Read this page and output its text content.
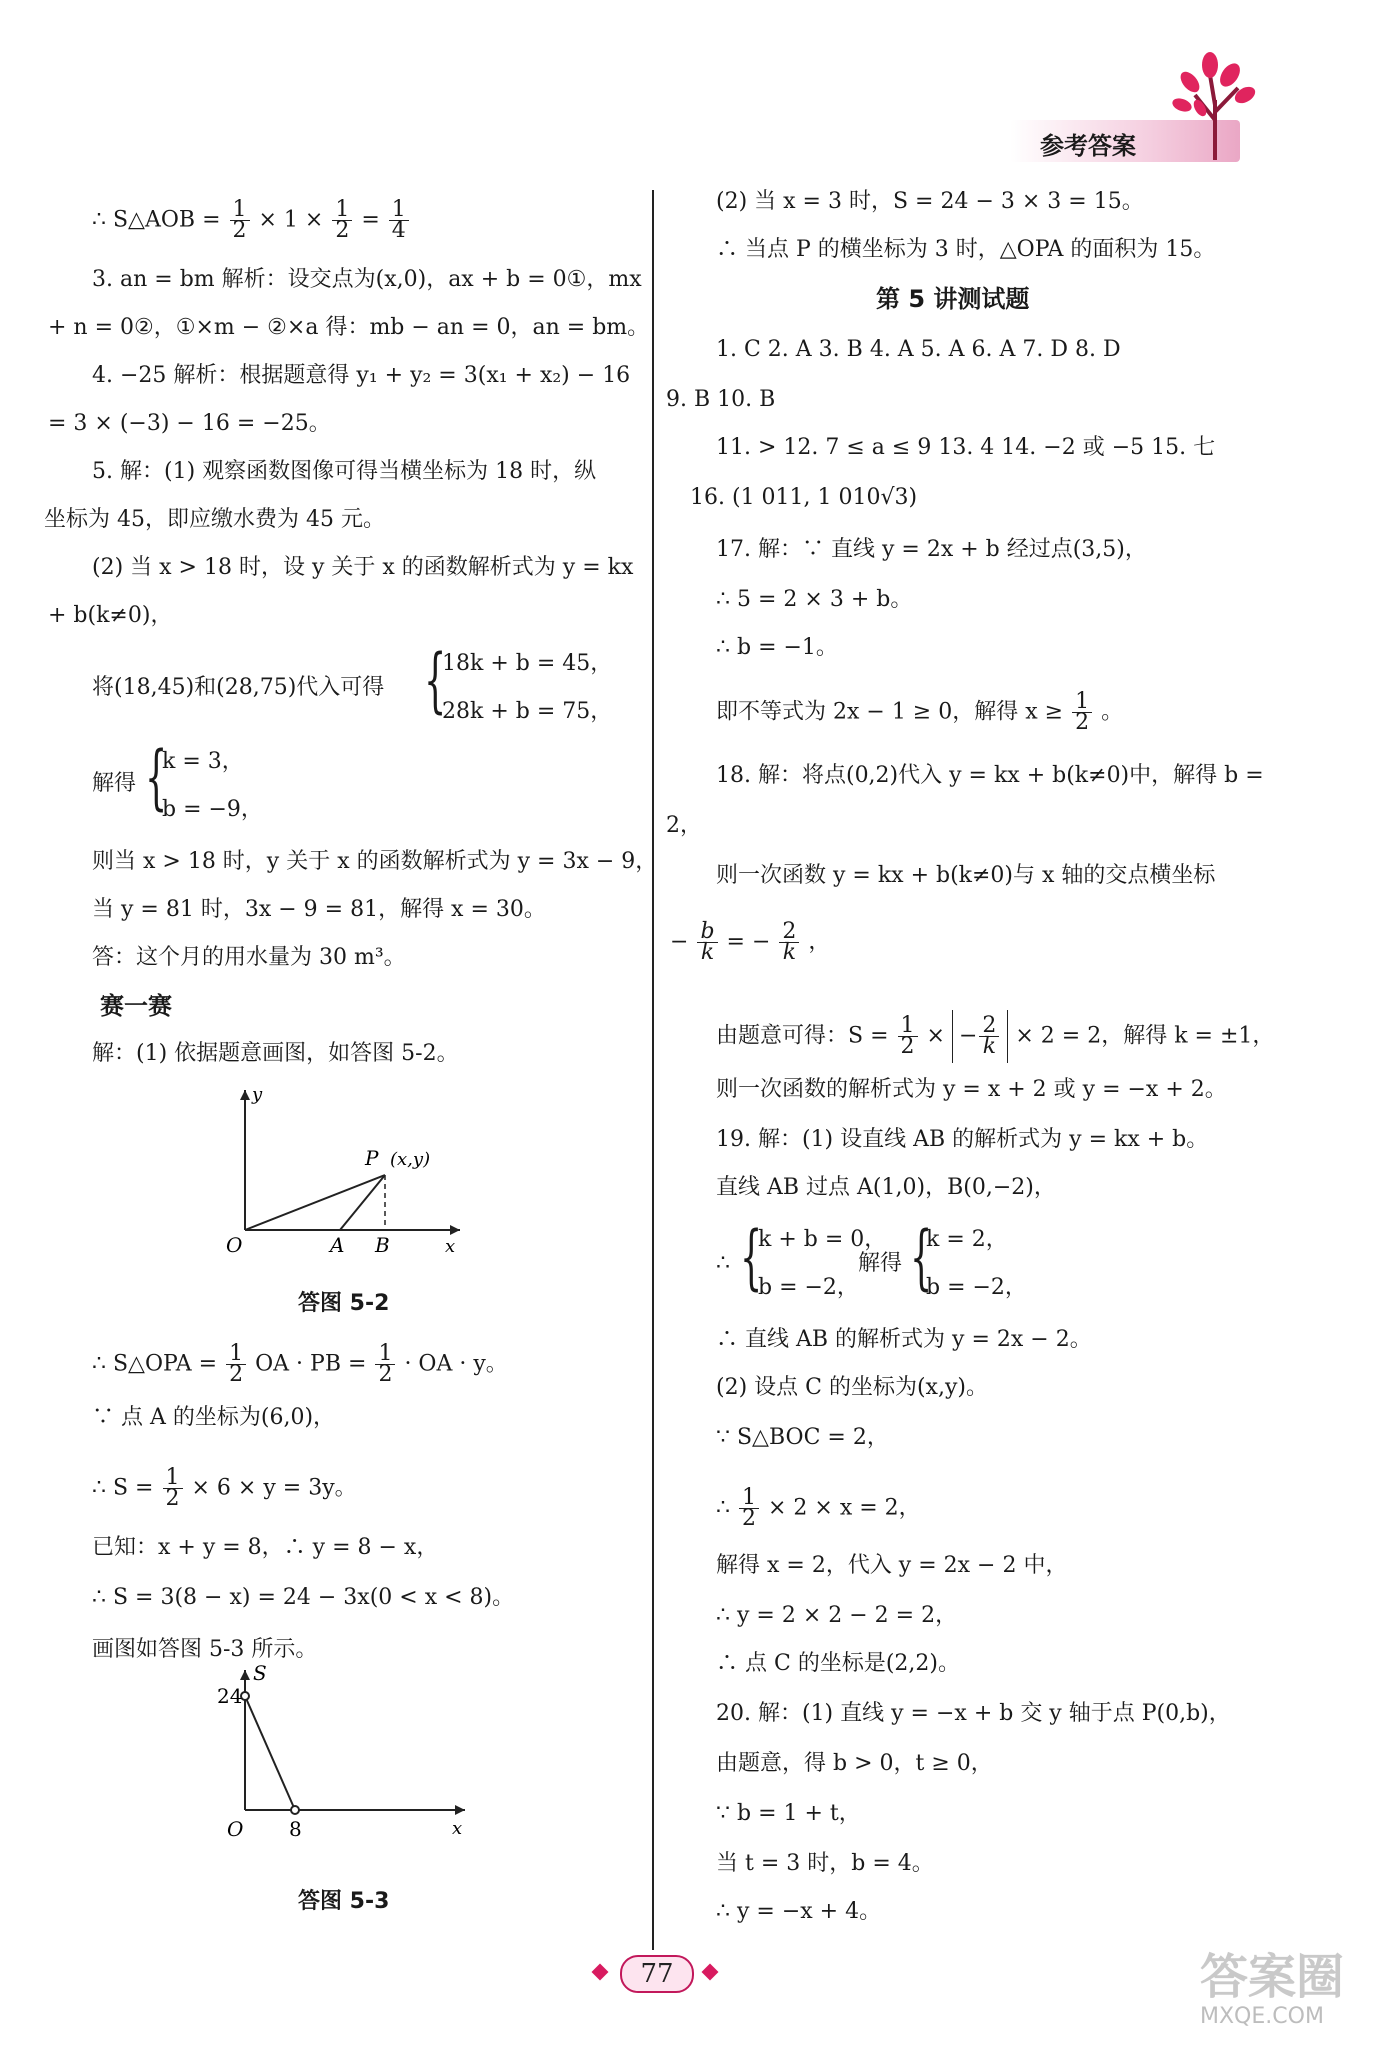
参考答案
∴ S△AOB = $\frac{1}{2} \times 1 \times \frac{1}{2} = \frac{1}{4}$
3. an = bm 解析：设交点为(x,0)，ax + b = 0①，mx
+ n = 0②，①×m − ②×a 得：mb − an = 0，an = bm。
4. −25 解析：根据题意得 y₁ + y₂ = 3(x₁ + x₂) − 16
= 3 × (−3) − 16 = −25。
5. 解：(1) 观察函数图像可得当横坐标为 18 时，纵
坐标为 45，即应缴水费为 45 元。
(2) 当 x > 18 时，设 y 关于 x 的函数解析式为 y = kx
+ b(k≠0)，
将(18,45)和(28,75)代入可得 {
18k + b = 45，
28k + b = 75，
解得 {
k = 3，
b = −9，
则当 x > 18 时，y 关于 x 的函数解析式为 y = 3x − 9，
当 y = 81 时，3x − 9 = 81，解得 x = 30。
答：这个月的用水量为 30 m³。
赛一赛
解：(1) 依据题意画图，如答图 5-2。
y
P (x,y)
O	A B	x
答图 5-2
∴ S△OPA = $\frac{1}{2}$ OA · PB = $\frac{1}{2}$ · OA · y。
∵ 点 A 的坐标为(6,0)，
∴ $S = \frac{1}{2} \times 6 \times y = 3y$。
已知：x + y = 8，∴ y = 8 − x，
∴ S = 3(8 − x) = 24 − 3x(0 < x < 8)。
画图如答图 5-3 所示。
S
24
O 8	x
答图 5-3
(2) 当 x = 3 时，S = 24 − 3 × 3 = 15。
∴ 当点 P 的横坐标为 3 时，△OPA 的面积为 15。
第 5 讲测试题
1. C 2. A 3. B 4. A 5. A 6. A 7. D 8. D
9. B 10. B
11. > 12. 7 ≤ a ≤ 9 13. 4 14. −2 或 −5 15. 七
16. (1 011, 1 010√3)
17. 解：∵ 直线 y = 2x + b 经过点(3,5)，
∴ 5 = 2 × 3 + b。
∴ b = −1。
即不等式为 2x − 1 ≥ 0，解得 $x \ge \frac{1}{2}$ 。
18. 解：将点(0,2)代入 y = kx + b(k≠0)中，解得 b =
2，
则一次函数 y = kx + b(k≠0)与 x 轴的交点横坐标
− $\frac{b}{k}$ = − $\frac{2}{k}$ ，
由题意可得：$S = \frac{1}{2}$ × − $\frac{2}{k} \times 2 = 2$，解得 k = ±1，
则一次函数的解析式为 y = x + 2 或 y = −x + 2。
19. 解：(1) 设直线 AB 的解析式为 y = kx + b。
直线 AB 过点 A(1,0)，B(0,−2)，
∴ {
k + b = 0，
b = −2，
解得 {
k = 2，
b = −2，
∴ 直线 AB 的解析式为 y = 2x − 2。
(2) 设点 C 的坐标为(x,y)。
∵ S△BOC = 2，
∴ $\frac{1}{2} \times 2 \times x = 2$，
解得 x = 2，代入 y = 2x − 2 中，
∴ y = 2 × 2 − 2 = 2，
∴ 点 C 的坐标是(2,2)。
20. 解：(1) 直线 y = −x + b 交 y 轴于点 P(0,b)，
由题意，得 b > 0，t ≥ 0，
∵ b = 1 + t，
当 t = 3 时，b = 4。
∴ y = −x + 4。
77	答案圈
MXQE.COM
